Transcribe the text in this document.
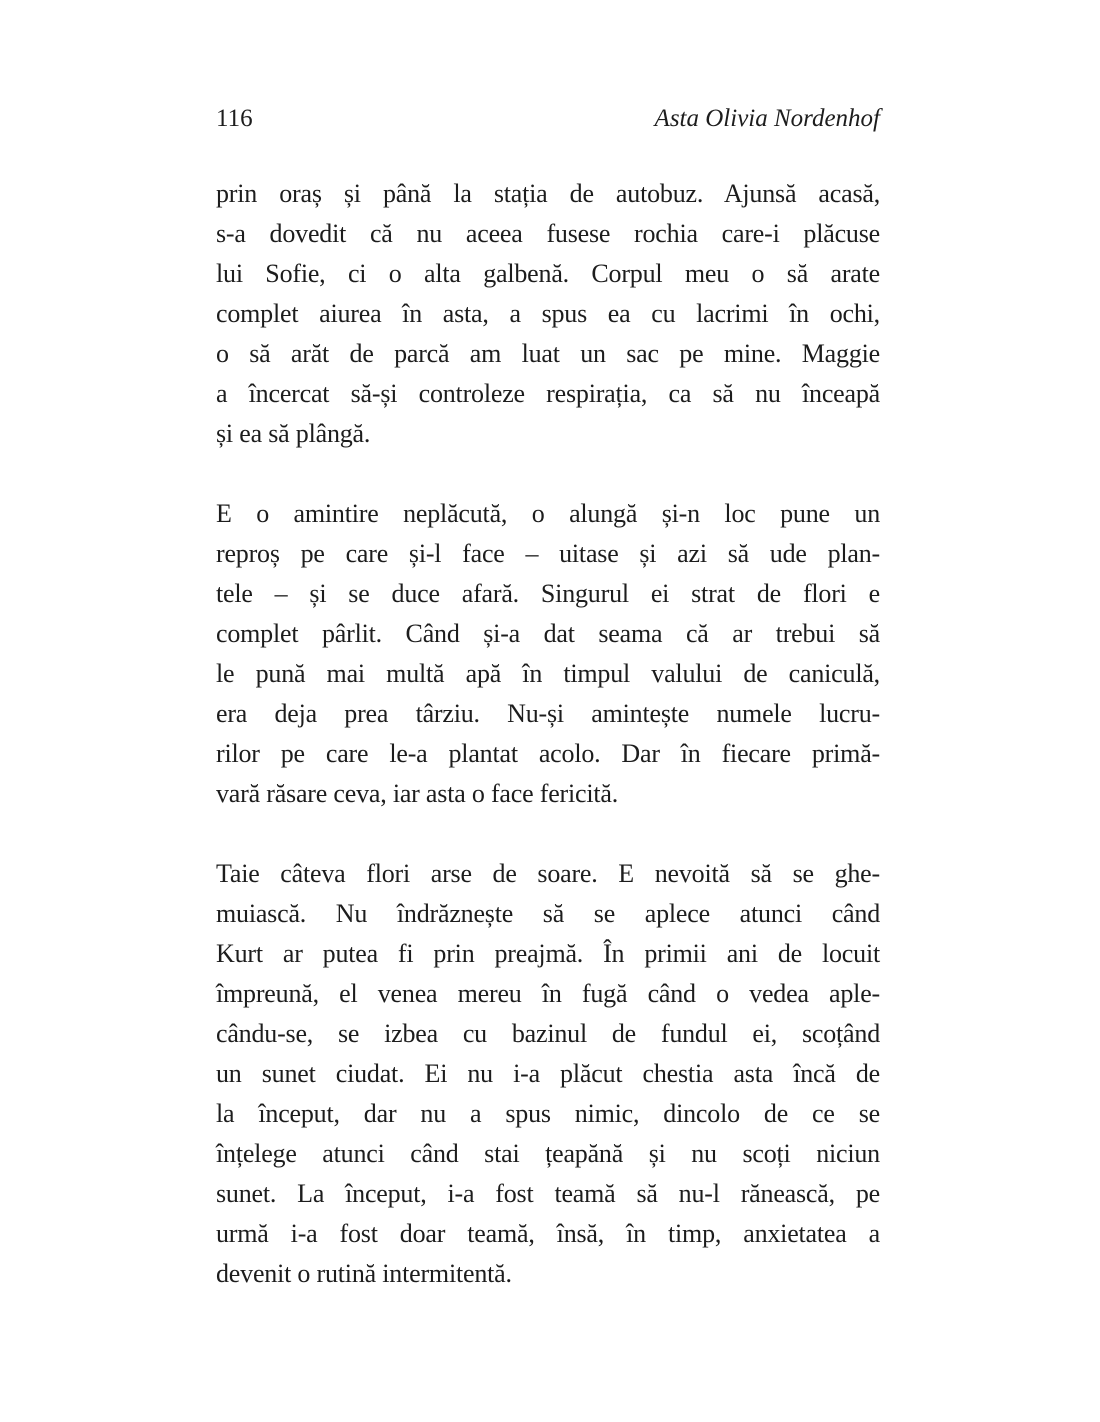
116	Asta Olivia Nordenhof
prin oraș și până la stația de autobuz. Ajunsă acasă,
s-a dovedit că nu aceea fusese rochia care-i plăcuse
lui Sofie, ci o alta galbenă. Corpul meu o să arate
complet aiurea în asta, a spus ea cu lacrimi în ochi,
o să arăt de parcă am luat un sac pe mine. Maggie
a încercat să-și controleze respirația, ca să nu înceapă
și ea să plângă.
E o amintire neplăcută, o alungă și-n loc pune un
reproș pe care și-l face – uitase și azi să ude plan-
tele – și se duce afară. Singurul ei strat de flori e
complet pârlit. Când și-a dat seama că ar trebui să
le pună mai multă apă în timpul valului de caniculă,
era deja prea târziu. Nu-și amintește numele lucru-
rilor pe care le-a plantat acolo. Dar în fiecare primă-
vară răsare ceva, iar asta o face fericită.
Taie câteva flori arse de soare. E nevoită să se ghe-
muiască. Nu îndrăznește să se aplece atunci când
Kurt ar putea fi prin preajmă. În primii ani de locuit
împreună, el venea mereu în fugă când o vedea aple-
cându-se, se izbea cu bazinul de fundul ei, scoțând
un sunet ciudat. Ei nu i-a plăcut chestia asta încă de
la început, dar nu a spus nimic, dincolo de ce se
înțelege atunci când stai țeapănă și nu scoți niciun
sunet. La început, i-a fost teamă să nu-l rănească, pe
urmă i-a fost doar teamă, însă, în timp, anxietatea a
devenit o rutină intermitentă.
